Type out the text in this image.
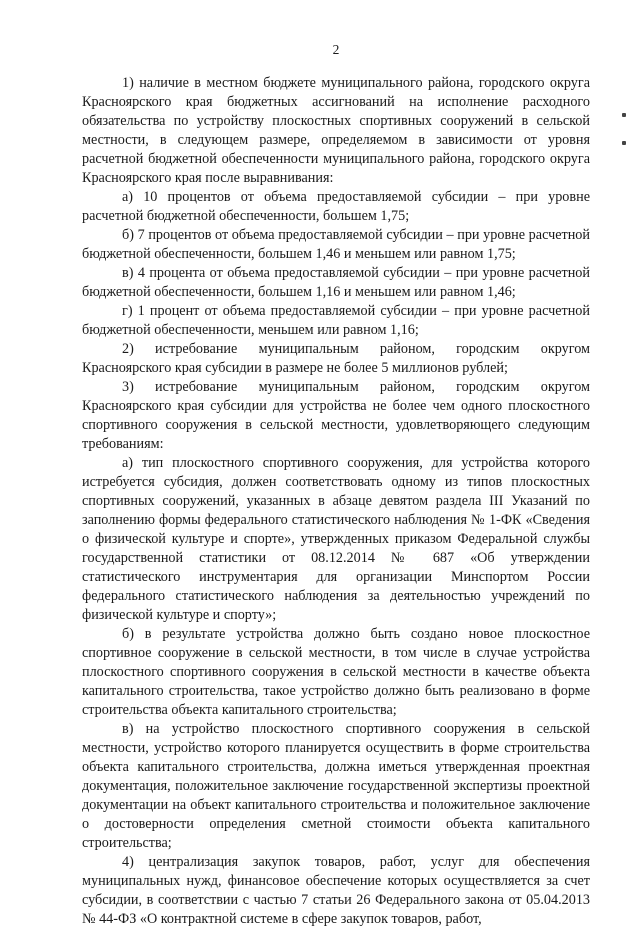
2

1) наличие в местном бюджете муниципального района, городского округа Красноярского края бюджетных ассигнований на исполнение расходного обязательства по устройству плоскостных спортивных сооружений в сельской местности, в следующем размере, определяемом в зависимости от уровня расчетной бюджетной обеспеченности муниципального района, городского округа Красноярского края после выравнивания:

а) 10 процентов от объема предоставляемой субсидии – при уровне расчетной бюджетной обеспеченности, большем 1,75;

б) 7 процентов от объема предоставляемой субсидии – при уровне расчетной бюджетной обеспеченности, большем 1,46 и меньшем или равном 1,75;

в) 4 процента от объема предоставляемой субсидии – при уровне расчетной бюджетной обеспеченности, большем 1,16 и меньшем или равном 1,46;

г) 1 процент от объема предоставляемой субсидии – при уровне расчетной бюджетной обеспеченности, меньшем или равном 1,16;

2) истребование муниципальным районом, городским округом Красноярского края субсидии в размере не более 5 миллионов рублей;

3) истребование муниципальным районом, городским округом Красноярского края субсидии для устройства не более чем одного плоскостного спортивного сооружения в сельской местности, удовлетворяющего следующим требованиям:

а) тип плоскостного спортивного сооружения, для устройства которого истребуется субсидия, должен соответствовать одному из типов плоскостных спортивных сооружений, указанных в абзаце девятом раздела III Указаний по заполнению формы федерального статистического наблюдения № 1-ФК «Сведения о физической культуре и спорте», утвержденных приказом Федеральной службы государственной статистики от 08.12.2014 № 687 «Об утверждении статистического инструментария для организации Минспортом России федерального статистического наблюдения за деятельностью учреждений по физической культуре и спорту»;

б) в результате устройства должно быть создано новое плоскостное спортивное сооружение в сельской местности, в том числе в случае устройства плоскостного спортивного сооружения в сельской местности в качестве объекта капитального строительства, такое устройство должно быть реализовано в форме строительства объекта капитального строительства;

в) на устройство плоскостного спортивного сооружения в сельской местности, устройство которого планируется осуществить в форме строительства объекта капитального строительства, должна иметься утвержденная проектная документация, положительное заключение государственной экспертизы проектной документации на объект капитального строительства и положительное заключение о достоверности определения сметной стоимости объекта капитального строительства;

4) централизация закупок товаров, работ, услуг для обеспечения муниципальных нужд, финансовое обеспечение которых осуществляется за счет субсидии, в соответствии с частью 7 статьи 26 Федерального закона от 05.04.2013 № 44-ФЗ «О контрактной системе в сфере закупок товаров, работ,
